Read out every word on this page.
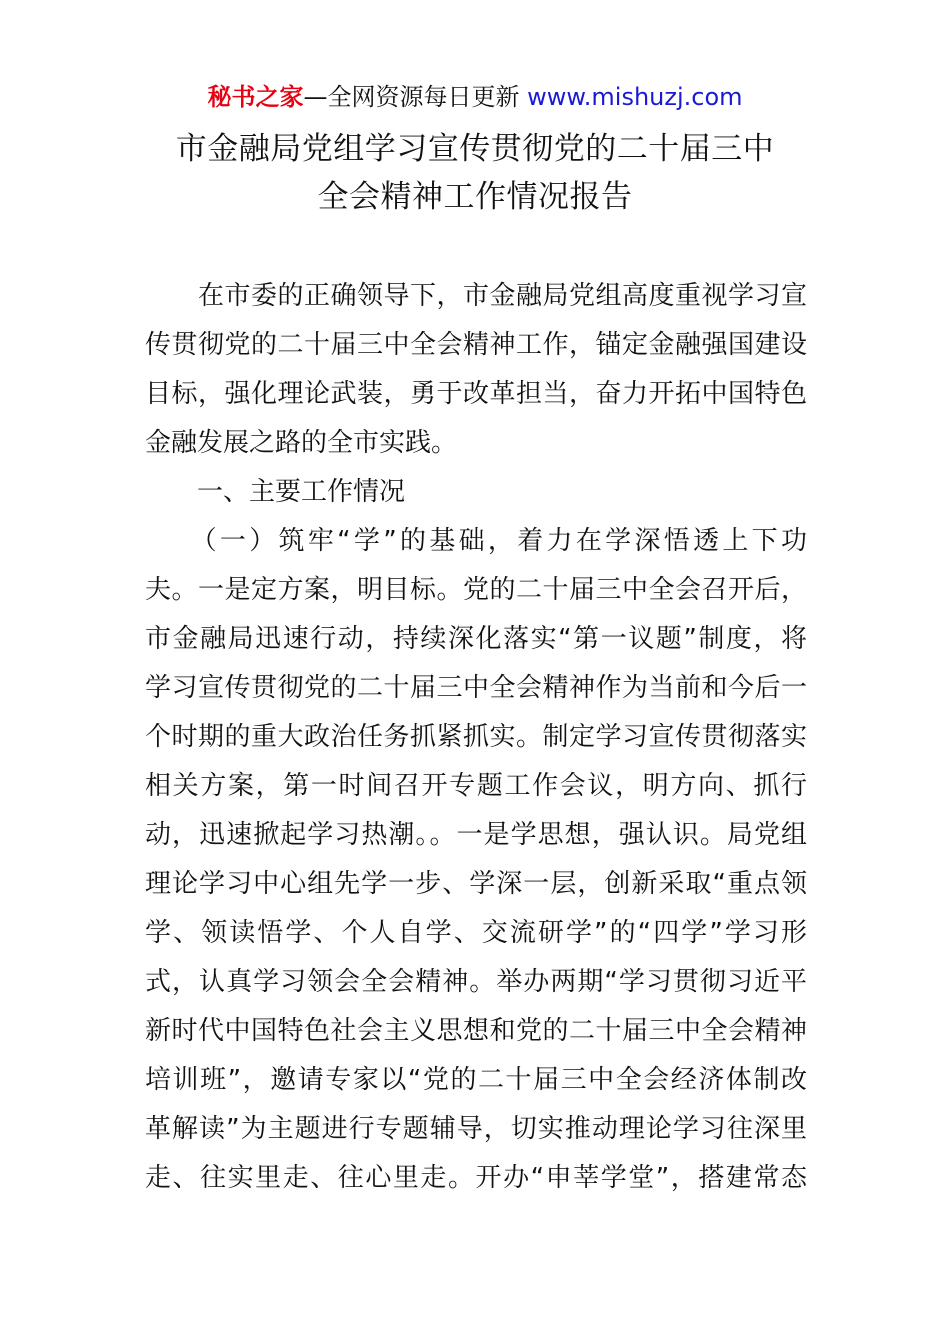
秘书之家—全网资源每日更新 www.mishuzj.com
市金融局党组学习宣传贯彻党的二十届三中
全会精神工作情况报告
　　在市委的正确领导下，市金融局党组高度重视学习宣
传贯彻党的二十届三中全会精神工作，锚定金融强国建设
目标，强化理论武装，勇于改革担当，奋力开拓中国特色
金融发展之路的全市实践。
　　一、主要工作情况
　　（一）筑牢“学”的基础，着力在学深悟透上下功
夫。一是定方案，明目标。党的二十届三中全会召开后，
市金融局迅速行动，持续深化落实“第一议题”制度，将
学习宣传贯彻党的二十届三中全会精神作为当前和今后一
个时期的重大政治任务抓紧抓实。制定学习宣传贯彻落实
相关方案，第一时间召开专题工作会议，明方向、抓行
动，迅速掀起学习热潮。。一是学思想，强认识。局党组
理论学习中心组先学一步、学深一层，创新采取“重点领
学、领读悟学、个人自学、交流研学”的“四学”学习形
式，认真学习领会全会精神。举办两期“学习贯彻习近平
新时代中国特色社会主义思想和党的二十届三中全会精神
培训班”，邀请专家以“党的二十届三中全会经济体制改
革解读”为主题进行专题辅导，切实推动理论学习往深里
走、往实里走、往心里走。开办“申莘学堂”，搭建常态
